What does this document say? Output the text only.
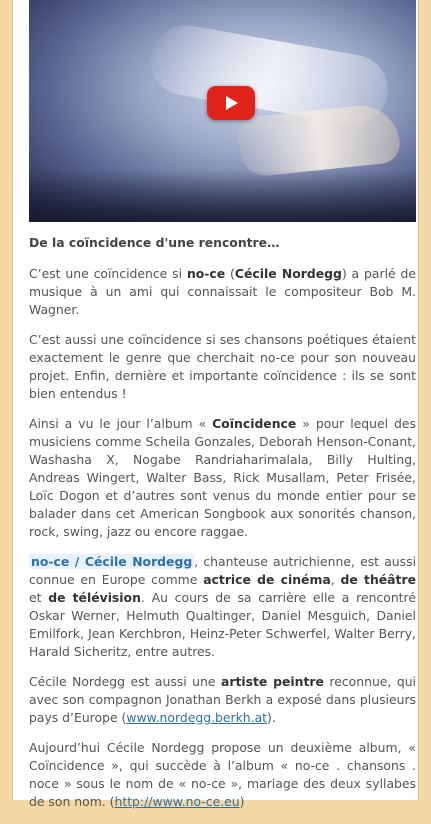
De la coïncidence d'une rencontre…

C’est une coïncidence si no-ce (Cécile Nordegg) a parlé de musique à un ami qui connaissait le compositeur Bob M. Wagner.

C’est aussi une coïncidence si ses chansons poétiques étaient exactement le genre que cherchait no-ce pour son nouveau projet. Enfin, dernière et importante coïncidence : ils se sont bien entendus !

Ainsi a vu le jour l’album « Coïncidence » pour lequel des musiciens comme Scheila Gonzales, Deborah Henson-Conant, Washasha X, Nogabe Randriaharimalala, Billy Hulting, Andreas Wingert, Walter Bass, Rick Musallam, Peter Frisée, Loïc Dogon et d’autres sont venus du monde entier pour se balader dans cet American Songbook aux sonorités chanson, rock, swing, jazz ou encore raggae.

no-ce / Cécile Nordegg , chanteuse autrichienne, est aussi connue en Europe comme actrice de cinéma, de théâtre et de télévision. Au cours de sa carrière elle a rencontré Oskar Werner, Helmuth Qualtinger, Daniel Mesguich, Daniel Emilfork, Jean Kerchbron, Heinz-Peter Schwerfel, Walter Berry, Harald Sicheritz, entre autres.

Cécile Nordegg est aussi une artiste peintre reconnue, qui avec son compagnon Jonathan Berkh a exposé dans plusieurs pays d’Europe (www.nordegg.berkh.at).

Aujourd’hui Cécile Nordegg propose un deuxième album, « Coïncidence », qui succède à l’album « no-ce . chansons . noce » sous le nom de « no-ce », mariage des deux syllabes de son nom. (http://www.no-ce.eu)
